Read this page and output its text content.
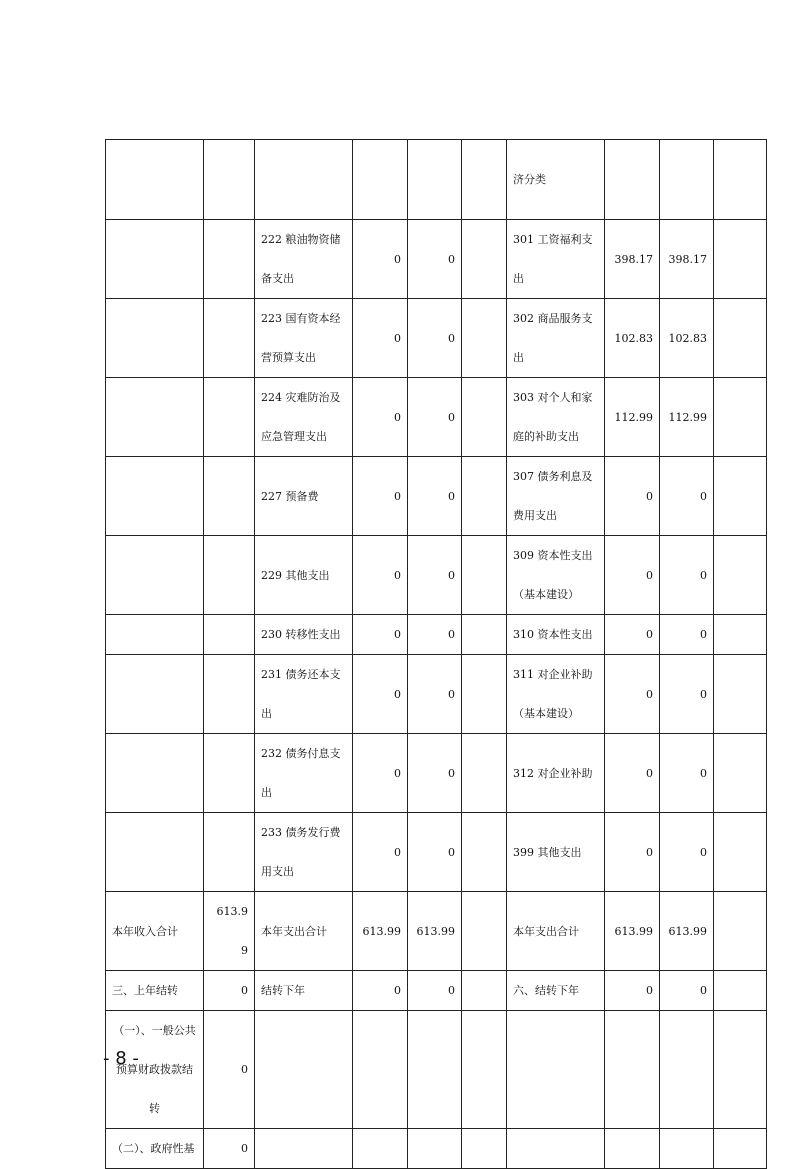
						济分类			
		222 粮油物资储备支出	0	0		301 工资福利支出	398.17	398.17	
		223 国有资本经营预算支出	0	0		302 商品服务支出	102.83	102.83	
		224 灾难防治及应急管理支出	0	0		303 对个人和家庭的补助支出	112.99	112.99	
		227 预备费	0	0		307 债务利息及费用支出	0	0	
		229 其他支出	0	0		309 资本性支出（基本建设）	0	0	
		230 转移性支出	0	0		310 资本性支出	0	0	
		231 债务还本支出	0	0		311 对企业补助（基本建设）	0	0	
		232 债务付息支出	0	0		312 对企业补助	0	0	
		233 债务发行费用支出	0	0		399 其他支出	0	0	
本年收入合计	613.99	本年支出合计	613.99	613.99		本年支出合计	613.99	613.99	
三、上年结转	0	结转下年	0	0		六、结转下年	0	0	
（一）、一般公共预算财政拨款结转	0								
（二）、政府性基	0								
- 8 -
